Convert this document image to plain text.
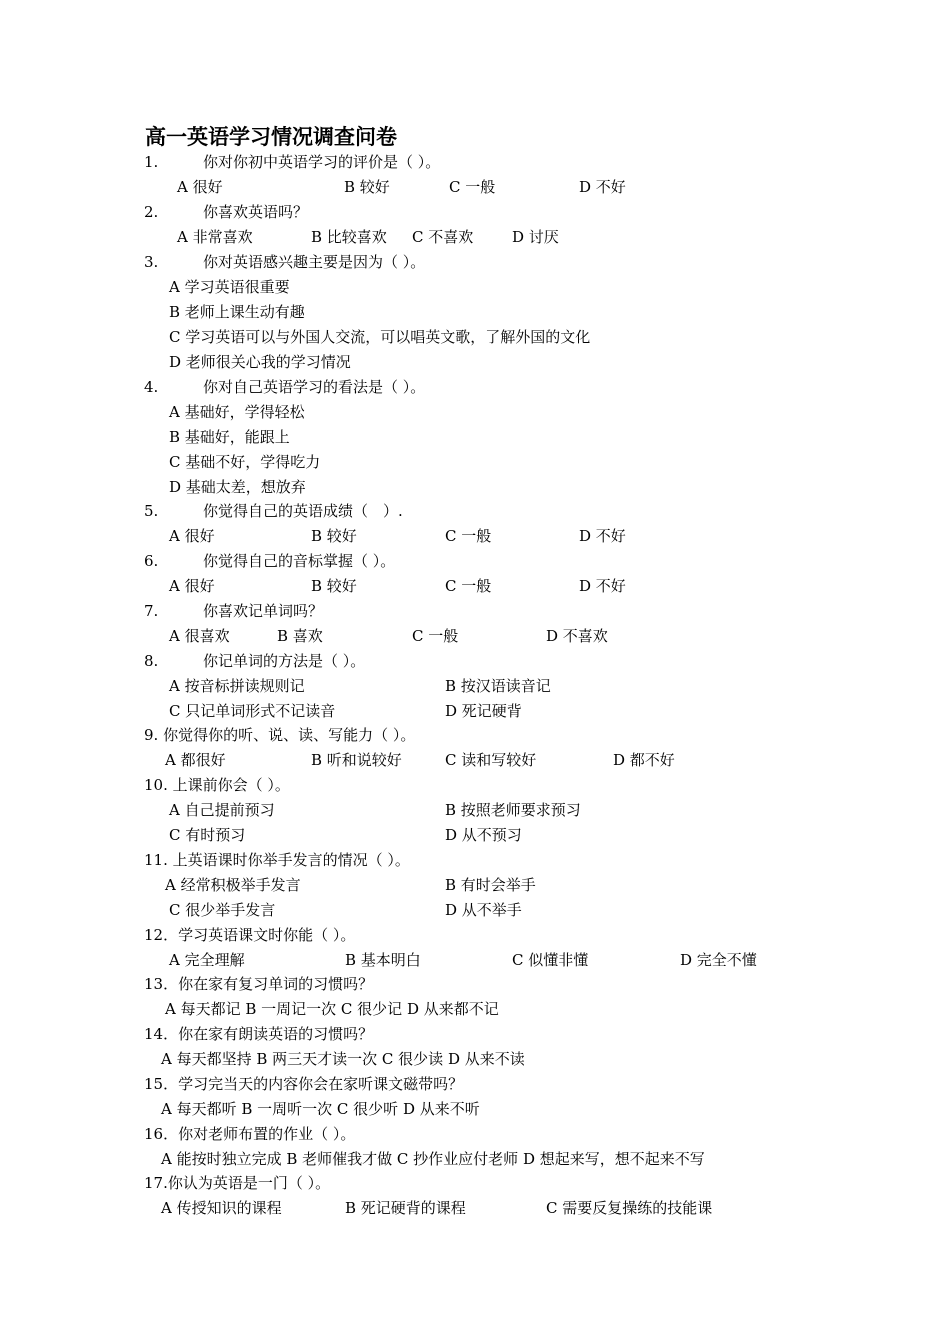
高一英语学习情况调查问卷
1.	你对你初中英语学习的评价是（ ）。
A 很好	B 较好	C 一般	D 不好
2.	你喜欢英语吗？
A 非常喜欢	B 比较喜欢 C 不喜欢	D 讨厌
3.	你对英语感兴趣主要是因为（ ）。
A 学习英语很重要
B 老师上课生动有趣
C 学习英语可以与外国人交流，可以唱英文歌，了解外国的文化
D 老师很关心我的学习情况
4.	你对自己英语学习的看法是（ ）。
A 基础好，学得轻松
B 基础好，能跟上
C 基础不好，学得吃力
D 基础太差，想放弃
5.	你觉得自己的英语成绩（　）.
A 很好	B 较好	C 一般	D 不好
6.	你觉得自己的音标掌握（ ）。
A 很好	B 较好	C 一般	D 不好
7.	你喜欢记单词吗？
A 很喜欢	B 喜欢	C 一般	D 不喜欢
8.	你记单词的方法是（ ）。
A 按音标拼读规则记	B 按汉语读音记
C 只记单词形式不记读音	D 死记硬背
9. 你觉得你的听、说、读、写能力（ ）。
A 都很好	B 听和说较好	C 读和写较好	D 都不好
10. 上课前你会（ ）。
A 自己提前预习	B 按照老师要求预习
C 有时预习	D 从不预习
11. 上英语课时你举手发言的情况（ ）。
A 经常积极举手发言	B 有时会举手
C 很少举手发言	D 从不举手
12．学习英语课文时你能（ ）。
A 完全理解	B 基本明白	C 似懂非懂	D 完全不懂
13．你在家有复习单词的习惯吗？
A 每天都记 B 一周记一次 C 很少记 D 从来都不记
14．你在家有朗读英语的习惯吗？
A 每天都坚持 B 两三天才读一次 C 很少读 D 从来不读
15．学习完当天的内容你会在家听课文磁带吗？
A 每天都听 B 一周听一次 C 很少听 D 从来不听
16．你对老师布置的作业（ ）。
A 能按时独立完成 B 老师催我才做 C 抄作业应付老师 D 想起来写，想不起来不写
17.你认为英语是一门（ ）。
A 传授知识的课程	B 死记硬背的课程	C 需要反复操练的技能课
